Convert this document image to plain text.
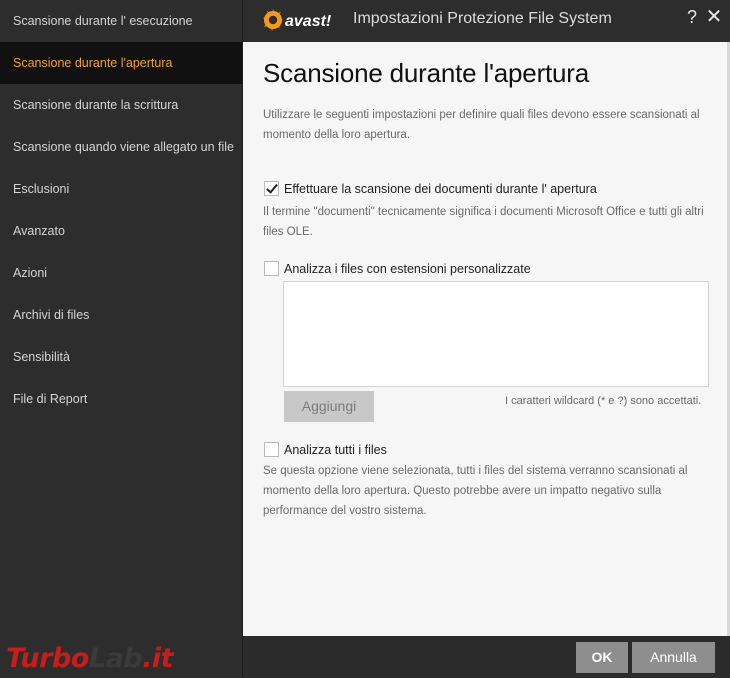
Scansione durante l' esecuzione
Scansione durante l'apertura
Scansione durante la scrittura
Scansione quando viene allegato un file
Esclusioni
Avanzato
Azioni
Archivi di files
Sensibilità
File di Report
avast! Impostazioni Protezione File System	? ✕
Scansione durante l'apertura
Utilizzare le seguenti impostazioni per definire quali files devono essere scansionati al momento della loro apertura.
Effettuare la scansione dei documenti durante l' apertura
Il termine "documenti" tecnicamente significa i documenti Microsoft Office e tutti gli altri files OLE.
Analizza i files con estensioni personalizzate
Aggiungi	I caratteri wildcard (* e ?) sono accettati.
Analizza tutti i files
Se questa opzione viene selezionata, tutti i files del sistema verranno scansionati al momento della loro apertura. Questo potrebbe avere un impatto negativo sulla performance del vostro sistema.
OK	Annulla
TurboLab.it
